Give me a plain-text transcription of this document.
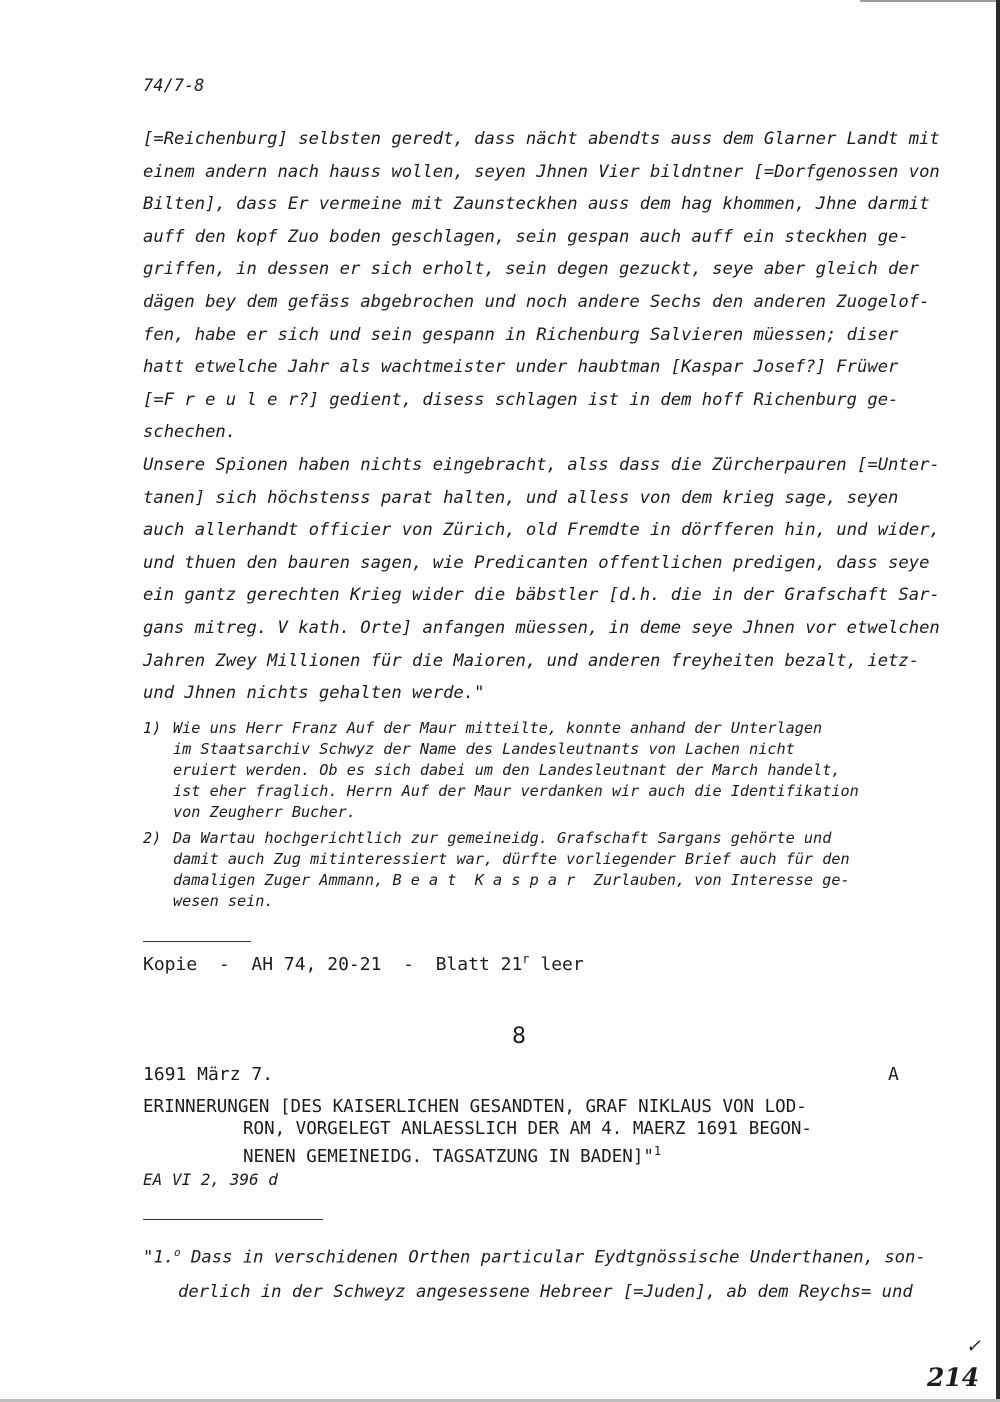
74/7-8

[=Reichenburg] selbsten geredt, dass nächt abendts auss dem Glarner Landt mit

einem andern nach hauss wollen, seyen Jhnen Vier bildntner [=Dorfgenossen von

Bilten], dass Er vermeine mit Zaunsteckhen auss dem hag khommen, Jhne darmit

auff den kopf Zuo boden geschlagen, sein gespan auch auff ein steckhen ge-

griffen, in dessen er sich erholt, sein degen gezuckt, seye aber gleich der

dägen bey dem gefäss abgebrochen und noch andere Sechs den anderen Zuogelof-

fen, habe er sich und sein gespann in Richenburg Salvieren müessen; diser

hatt etwelche Jahr als wachtmeister under haubtman [Kaspar Josef?] Früwer

[=F r e u l e r?] gedient, disess schlagen ist in dem hoff Richenburg ge-

schechen.

Unsere Spionen haben nichts eingebracht, alss dass die Zürcherpauren [=Unter-

tanen] sich höchstenss parat halten, und alless von dem krieg sage, seyen

auch allerhandt officier von Zürich, old Fremdte in dörfferen hin, und wider,

und thuen den bauren sagen, wie Predicanten offentlichen predigen, dass seye

ein gantz gerechten Krieg wider die bäbstler [d.h. die in der Grafschaft Sar-

gans mitreg. V kath. Orte] anfangen müessen, in deme seye Jhnen vor etwelchen

Jahren Zwey Millionen für die Maioren, und anderen freyheiten bezalt, ietz-

und Jhnen nichts gehalten werde."

1) Wie uns Herr Franz Auf der Maur mitteilte, konnte anhand der Unterlagen
im Staatsarchiv Schwyz der Name des Landesleutnants von Lachen nicht
eruiert werden. Ob es sich dabei um den Landesleutnant der March handelt,
ist eher fraglich. Herrn Auf der Maur verdanken wir auch die Identifikation
von Zeugherr Bucher.
2) Da Wartau hochgerichtlich zur gemeineidg. Grafschaft Sargans gehörte und
damit auch Zug mitinteressiert war, dürfte vorliegender Brief auch für den
damaligen Zuger Ammann, B e a t  K a s p a r  Zurlauben, von Interesse ge-
wesen sein.
Kopie  -  AH 74, 20-21  -  Blatt 21$^r$ leer
8
1691 März 7.	A
ERINNERUNGEN [DES KAISERLICHEN GESANDTEN, GRAF NIKLAUS VON LOD-
RON, VORGELEGT ANLAESSLICH DER AM 4. MAERZ 1691 BEGON-
NENEN GEMEINEIDG. TAGSATZUNG IN BADEN]"$^1$
EA VI 2, 396 d
"1.$^o$ Dass in verschidenen Orthen particular Eydtgnössische Underthanen, son-
derlich in der Schweyz angesessene Hebreer [=Juden], ab dem Reychs= und
✓
214
